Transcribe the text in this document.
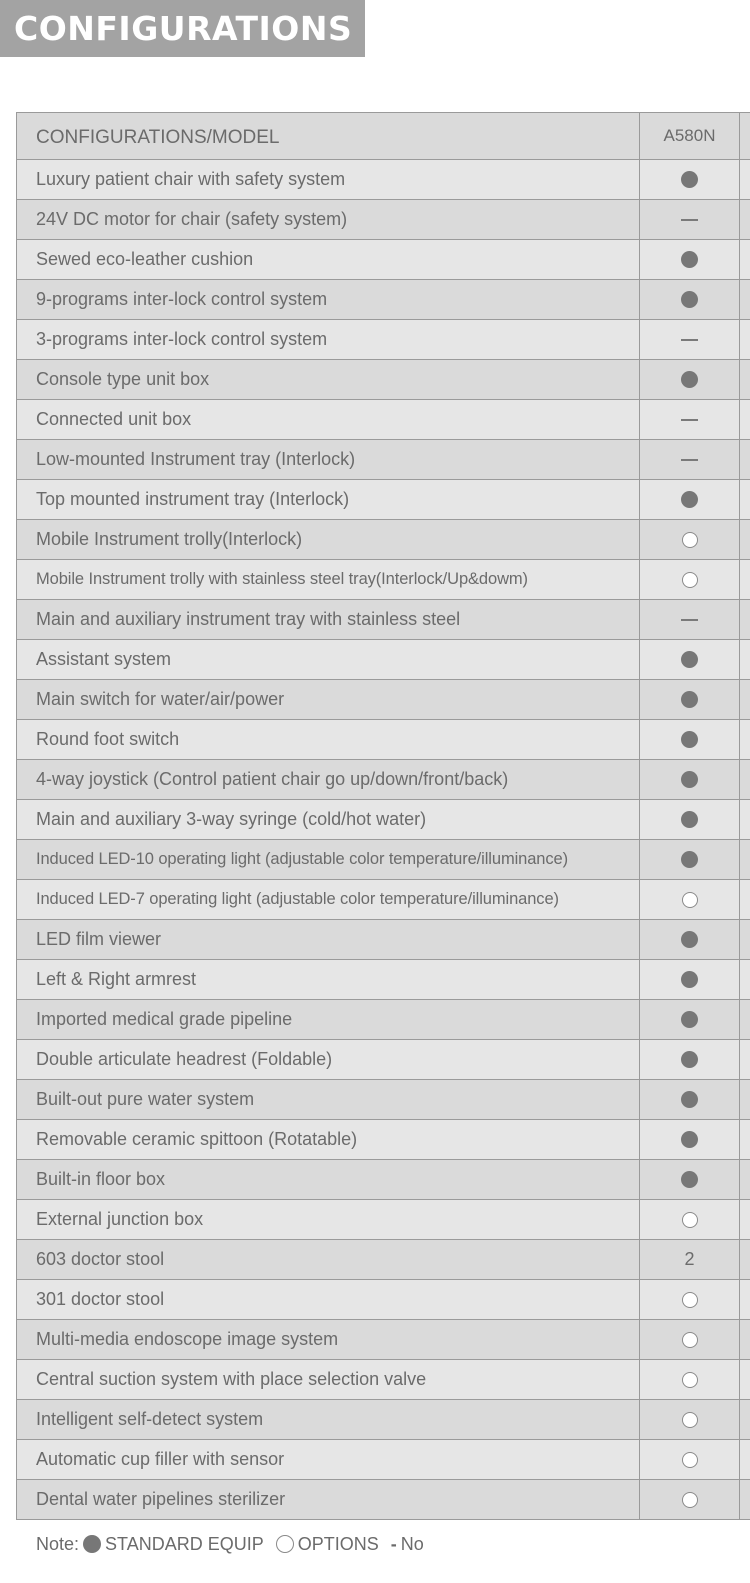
CONFIGURATIONS
CONFIGURATIONS/MODEL	A580N
Luxury patient chair with safety system
24V DC motor for chair (safety system)
Sewed eco-leather cushion
9-programs inter-lock control system
3-programs inter-lock control system
Console type unit box
Connected unit box
Low-mounted Instrument tray (Interlock)
Top mounted instrument tray (Interlock)
Mobile Instrument trolly(Interlock)
Mobile Instrument trolly with stainless steel tray(Interlock/Up&dowm)
Main and auxiliary instrument tray with stainless steel
Assistant system
Main switch for water/air/power
Round foot switch
4-way joystick (Control patient chair go up/down/front/back)
Main and auxiliary 3-way syringe (cold/hot water)
Induced LED-10 operating light (adjustable color temperature/illuminance)
Induced LED-7 operating light (adjustable color temperature/illuminance)
LED film viewer
Left & Right armrest
Imported medical grade pipeline
Double articulate headrest (Foldable)
Built-out pure water system
Removable ceramic spittoon (Rotatable)
Built-in floor box
External junction box
603 doctor stool	2
301 doctor stool
Multi-media endoscope image system
Central suction system with place selection valve
Intelligent self-detect system
Automatic cup filler with sensor
Dental water pipelines sterilizer
Note: STANDARD EQUIP OPTIONS - No
